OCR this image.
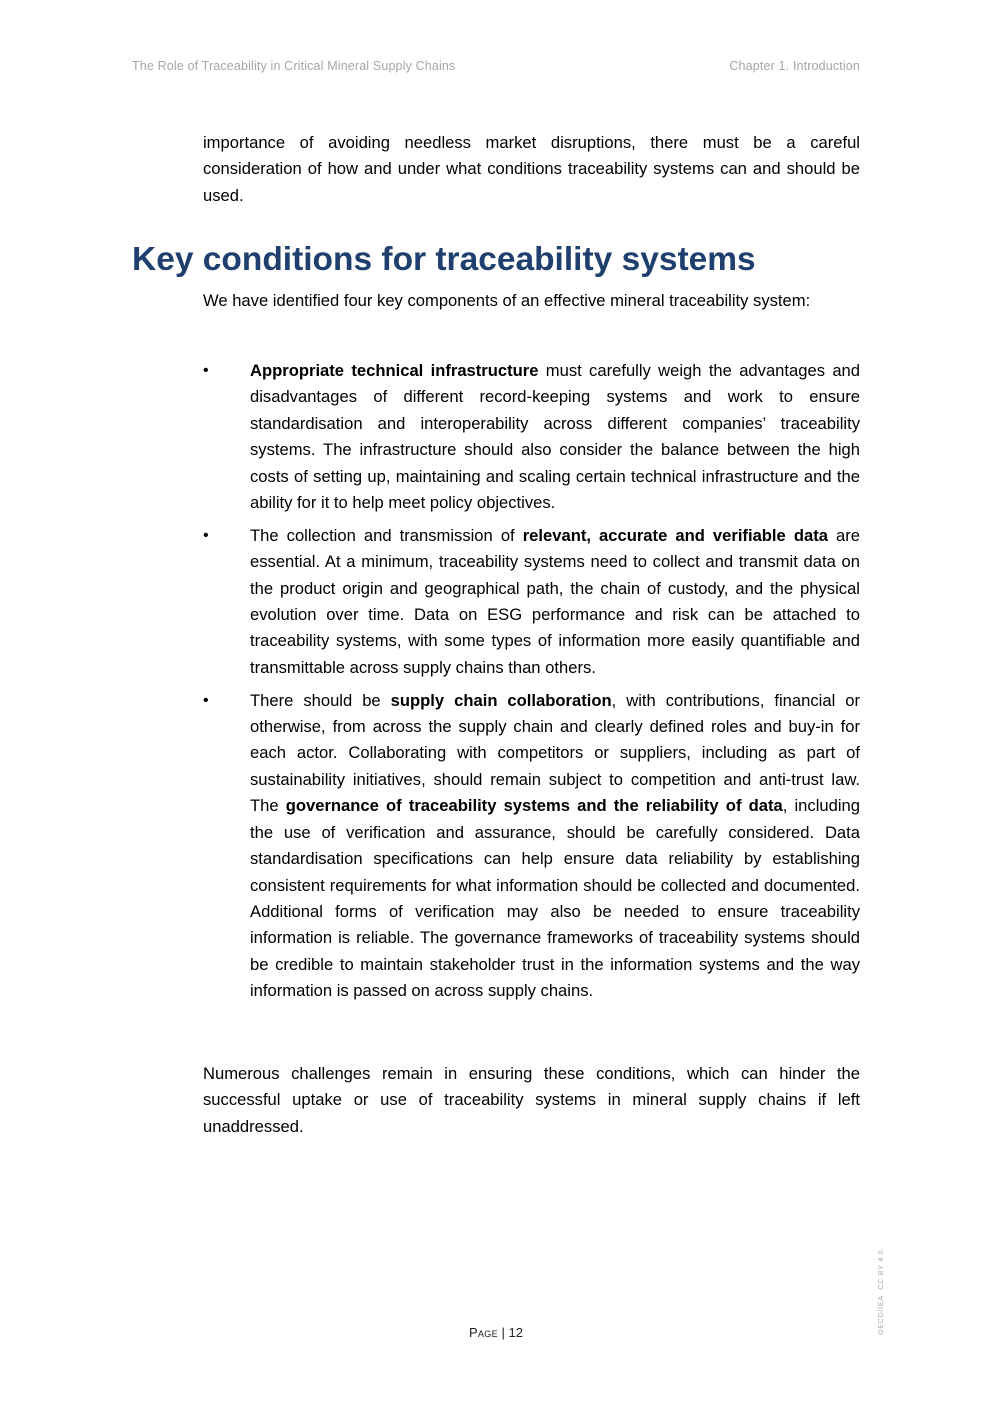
The Role of Traceability in Critical Mineral Supply Chains	Chapter 1. Introduction

importance of avoiding needless market disruptions, there must be a careful consideration of how and under what conditions traceability systems can and should be used.

Key conditions for traceability systems

We have identified four key components of an effective mineral traceability system:

•	Appropriate technical infrastructure must carefully weigh the advantages and disadvantages of different record-keeping systems and work to ensure standardisation and interoperability across different companies’ traceability systems. The infrastructure should also consider the balance between the high costs of setting up, maintaining and scaling certain technical infrastructure and the ability for it to help meet policy objectives.
•	The collection and transmission of relevant, accurate and verifiable data are essential. At a minimum, traceability systems need to collect and transmit data on the product origin and geographical path, the chain of custody, and the physical evolution over time. Data on ESG performance and risk can be attached to traceability systems, with some types of information more easily quantifiable and transmittable across supply chains than others.
•	There should be supply chain collaboration, with contributions, financial or otherwise, from across the supply chain and clearly defined roles and buy-in for each actor. Collaborating with competitors or suppliers, including as part of sustainability initiatives, should remain subject to competition and anti-trust law. The governance of traceability systems and the reliability of data, including the use of verification and assurance, should be carefully considered. Data standardisation specifications can help ensure data reliability by establishing consistent requirements for what information should be collected and documented. Additional forms of verification may also be needed to ensure traceability information is reliable. The governance frameworks of traceability systems should be credible to maintain stakeholder trust in the information systems and the way information is passed on across supply chains.

Numerous challenges remain in ensuring these conditions, which can hinder the successful uptake or use of traceability systems in mineral supply chains if left unaddressed.

Page | 12	OECD/IEA. CC BY 4.0.
